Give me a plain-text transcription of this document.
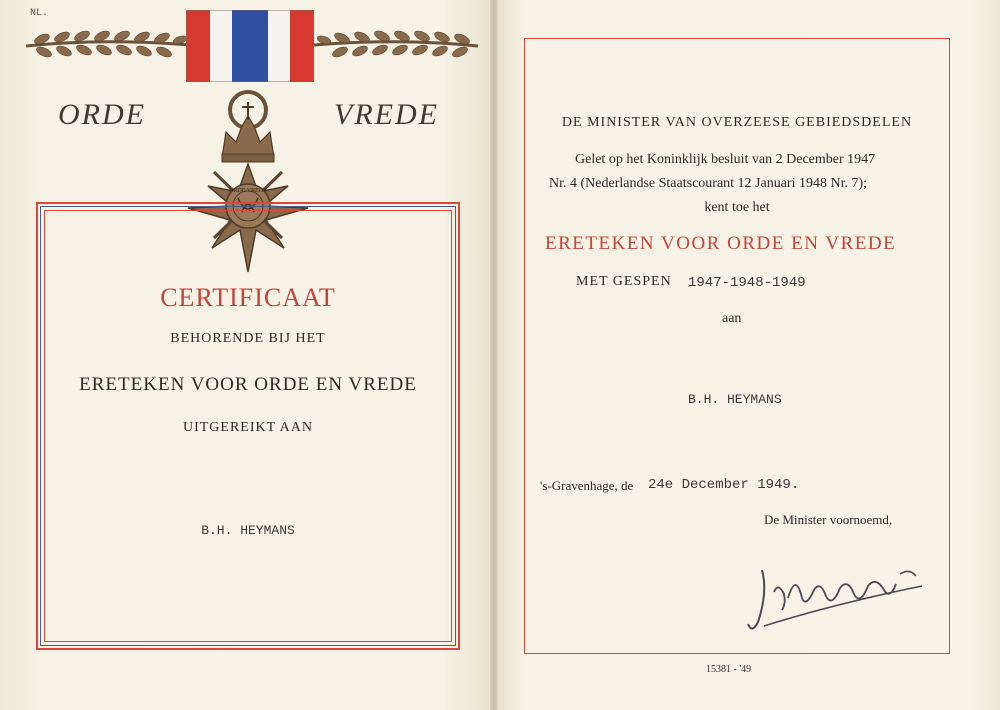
NL.
ORDE VREDE
ORDE	VREDE
CERTIFICAAT
BEHORENDE BIJ HET
ERETEKEN VOOR ORDE EN VREDE
UITGEREIKT AAN
B.H. HEYMANS
DE MINISTER VAN OVERZEESE GEBIEDSDELEN
Gelet op het Koninklijk besluit van 2 December 1947
Nr. 4 (Nederlandse Staatscourant 12 Januari 1948 Nr. 7);
kent toe het
ERETEKEN VOOR ORDE EN VREDE
MET GESPEN 1947-1948-1949
aan
B.H. HEYMANS
's-Gravenhage, de 24e December 1949.
De Minister voornoemd,
15381 - '49
